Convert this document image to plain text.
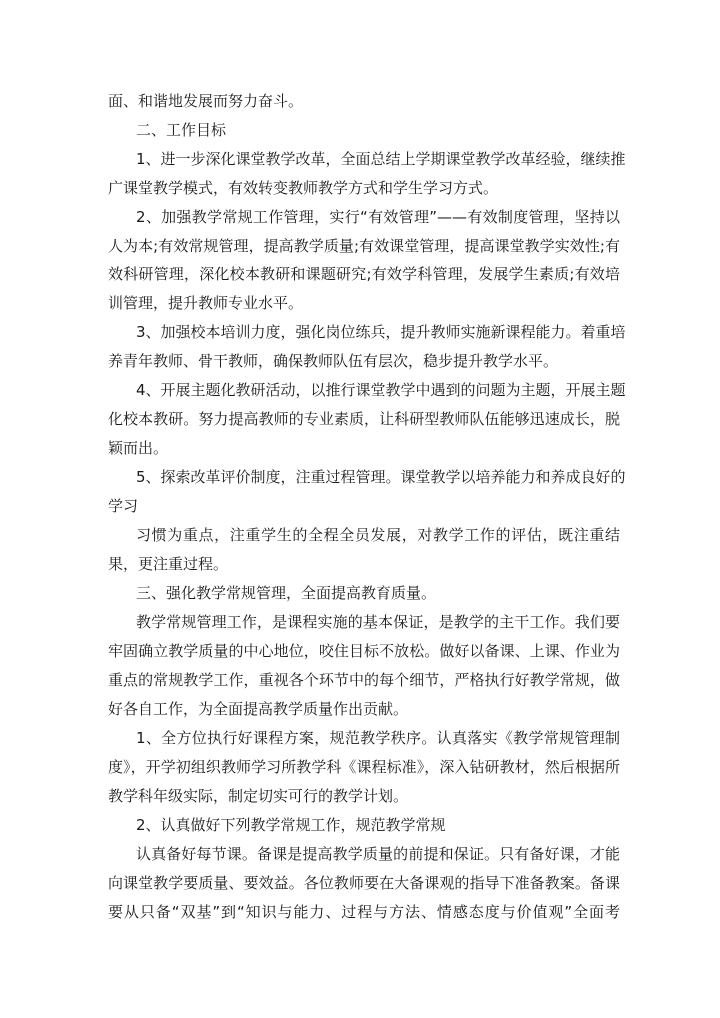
面、和谐地发展而努力奋斗。
二、工作目标
1、进一步深化课堂教学改革，全面总结上学期课堂教学改革经验，继续推
广课堂教学模式，有效转变教师教学方式和学生学习方式。
2、加强教学常规工作管理，实行“有效管理”——有效制度管理，坚持以
人为本;有效常规管理，提高教学质量;有效课堂管理，提高课堂教学实效性;有
效科研管理，深化校本教研和课题研究;有效学科管理，发展学生素质;有效培
训管理，提升教师专业水平。
3、加强校本培训力度，强化岗位练兵，提升教师实施新课程能力。着重培
养青年教师、骨干教师，确保教师队伍有层次，稳步提升教学水平。
4、开展主题化教研活动，以推行课堂教学中遇到的问题为主题，开展主题
化校本教研。努力提高教师的专业素质，让科研型教师队伍能够迅速成长，脱
颖而出。
5、探索改革评价制度，注重过程管理。课堂教学以培养能力和养成良好的
学习
习惯为重点，注重学生的全程全员发展，对教学工作的评估，既注重结
果，更注重过程。
三、强化教学常规管理，全面提高教育质量。
教学常规管理工作，是课程实施的基本保证，是教学的主干工作。我们要
牢固确立教学质量的中心地位，咬住目标不放松。做好以备课、上课、作业为
重点的常规教学工作，重视各个环节中的每个细节，严格执行好教学常规，做
好各自工作，为全面提高教学质量作出贡献。
1、全方位执行好课程方案，规范教学秩序。认真落实《教学常规管理制
度》，开学初组织教师学习所教学科《课程标准》，深入钻研教材，然后根据所
教学科年级实际，制定切实可行的教学计划。
2、认真做好下列教学常规工作，规范教学常规
认真备好每节课。备课是提高教学质量的前提和保证。只有备好课，才能
向课堂教学要质量、要效益。各位教师要在大备课观的指导下准备教案。备课
要从只备“双基”到“知识与能力、过程与方法、情感态度与价值观”全面考
